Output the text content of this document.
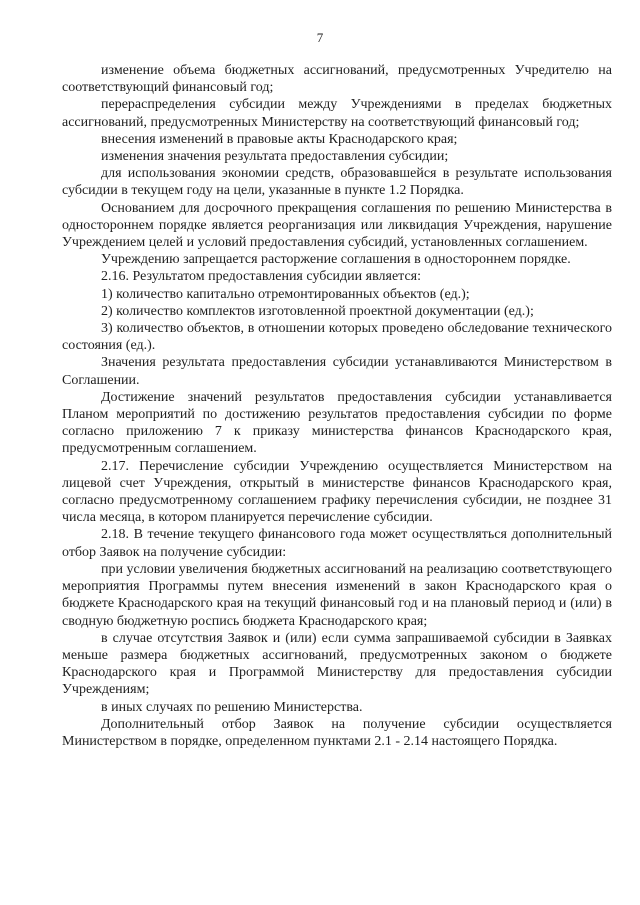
7

изменение объема бюджетных ассигнований, предусмотренных Учредителю на соответствующий финансовый год;

перераспределения субсидии между Учреждениями в пределах бюджетных ассигнований, предусмотренных Министерству на соответствующий финансовый год;

внесения изменений в правовые акты Краснодарского края;

изменения значения результата предоставления субсидии;

для использования экономии средств, образовавшейся в результате использования субсидии в текущем году на цели, указанные в пункте 1.2 Порядка.

Основанием для досрочного прекращения соглашения по решению Министерства в одностороннем порядке является реорганизация или ликвидация Учреждения, нарушение Учреждением целей и условий предоставления субсидий, установленных соглашением.

Учреждению запрещается расторжение соглашения в одностороннем порядке.

2.16. Результатом предоставления субсидии является:

1) количество капитально отремонтированных объектов (ед.);

2) количество комплектов изготовленной проектной документации (ед.);

3) количество объектов, в отношении которых проведено обследование технического состояния (ед.).

Значения результата предоставления субсидии устанавливаются Министерством в Соглашении.

Достижение значений результатов предоставления субсидии устанавливается Планом мероприятий по достижению результатов предоставления субсидии по форме согласно приложению 7 к приказу министерства финансов Краснодарского края, предусмотренным соглашением.

2.17. Перечисление субсидии Учреждению осуществляется Министерством на лицевой счет Учреждения, открытый в министерстве финансов Краснодарского края, согласно предусмотренному соглашением графику перечисления субсидии, не позднее 31 числа месяца, в котором планируется перечисление субсидии.

2.18. В течение текущего финансового года может осуществляться дополнительный отбор Заявок на получение субсидии:

при условии увеличения бюджетных ассигнований на реализацию соответствующего мероприятия Программы путем внесения изменений в закон Краснодарского края о бюджете Краснодарского края на текущий финансовый год и на плановый период и (или) в сводную бюджетную роспись бюджета Краснодарского края;

в случае отсутствия Заявок и (или) если сумма запрашиваемой субсидии в Заявках меньше размера бюджетных ассигнований, предусмотренных законом о бюджете Краснодарского края и Программой Министерству для предоставления субсидии Учреждениям;

в иных случаях по решению Министерства.

Дополнительный отбор Заявок на получение субсидии осуществляется Министерством в порядке, определенном пунктами 2.1 - 2.14 настоящего Порядка.
